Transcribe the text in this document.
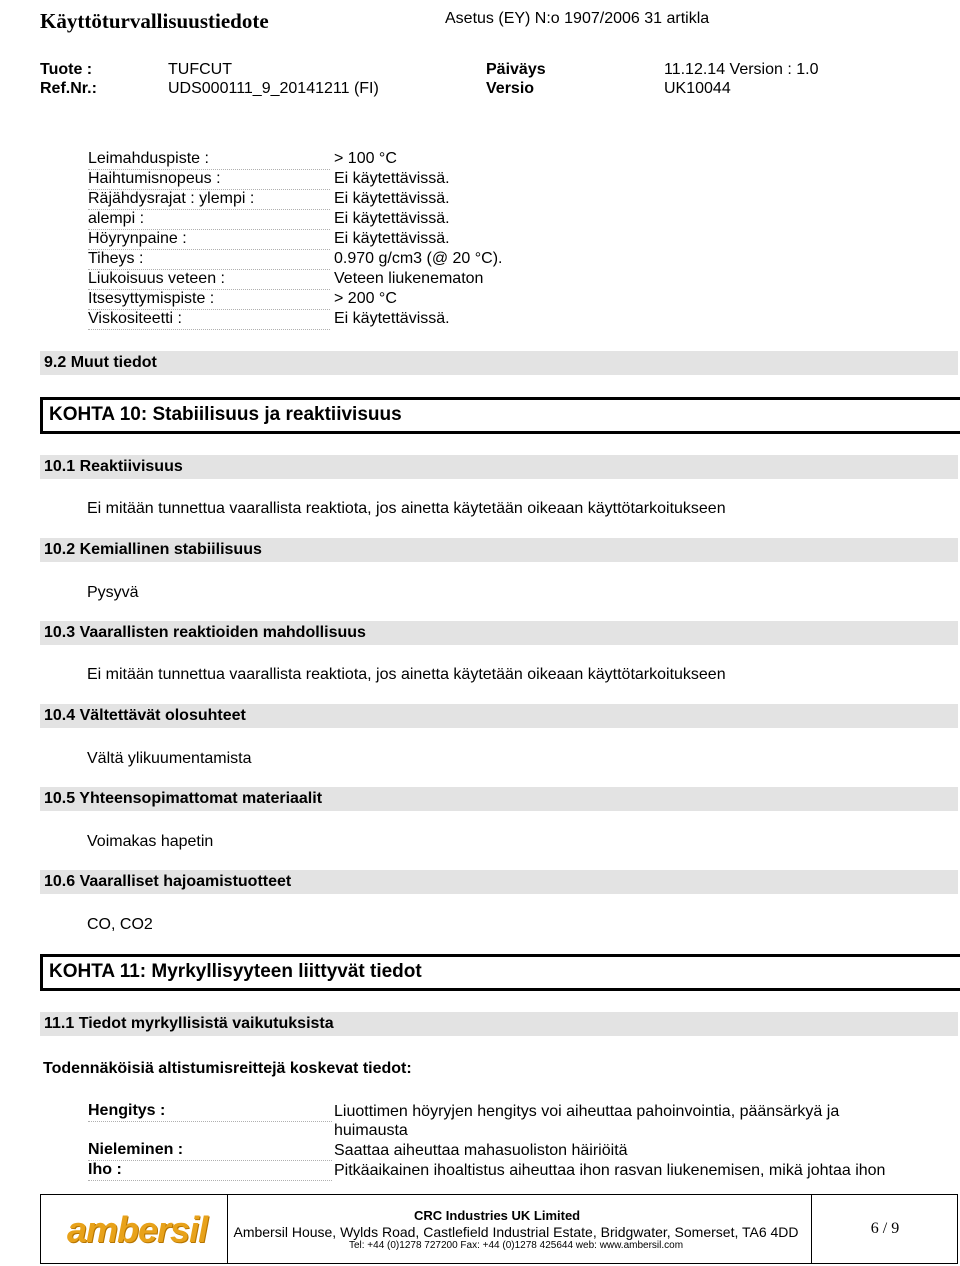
Käyttöturvallisuustiedote	Asetus (EY) N:o 1907/2006 31 artikla
Tuote :	TUFCUT	Päiväys	11.12.14 Version : 1.0
Ref.Nr.:	UDS000111_9_20141211 (FI)	Versio	UK10044
Leimahduspiste :	> 100 °C
Haihtumisnopeus :	Ei käytettävissä.
Räjähdysrajat : ylempi :	Ei käytettävissä.
alempi :	Ei käytettävissä.
Höyrynpaine :	Ei käytettävissä.
Tiheys :	0.970 g/cm3 (@ 20 °C).
Liukoisuus veteen :	Veteen liukenematon
Itsesyttymispiste :	> 200 °C
Viskositeetti :	Ei käytettävissä.
9.2 Muut tiedot
KOHTA 10: Stabiilisuus ja reaktiivisuus
10.1 Reaktiivisuus
Ei mitään tunnettua vaarallista reaktiota, jos ainetta käytetään oikeaan käyttötarkoitukseen
10.2 Kemiallinen stabiilisuus
Pysyvä
10.3 Vaarallisten reaktioiden mahdollisuus
Ei mitään tunnettua vaarallista reaktiota, jos ainetta käytetään oikeaan käyttötarkoitukseen
10.4 Vältettävät olosuhteet
Vältä ylikuumentamista
10.5 Yhteensopimattomat materiaalit
Voimakas hapetin
10.6 Vaaralliset hajoamistuotteet
CO, CO2
KOHTA 11: Myrkyllisyyteen liittyvät tiedot
11.1 Tiedot myrkyllisistä vaikutuksista
Todennäköisiä altistumisreittejä koskevat tiedot:
Hengitys :	Liuottimen höyryjen hengitys voi aiheuttaa pahoinvointia, päänsärkyä ja huimausta
Nieleminen :	Saattaa aiheuttaa mahasuoliston häiriöitä
Iho :	Pitkäaikainen ihoaltistus aiheuttaa ihon rasvan liukenemisen, mikä johtaa ihon
ambersil	CRC Industries UK Limited
Ambersil House, Wylds Road, Castlefield Industrial Estate, Bridgwater, Somerset, TA6 4DD
Tel: +44 (0)1278 727200 Fax: +44 (0)1278 425644 web: www.ambersil.com
6 / 9
